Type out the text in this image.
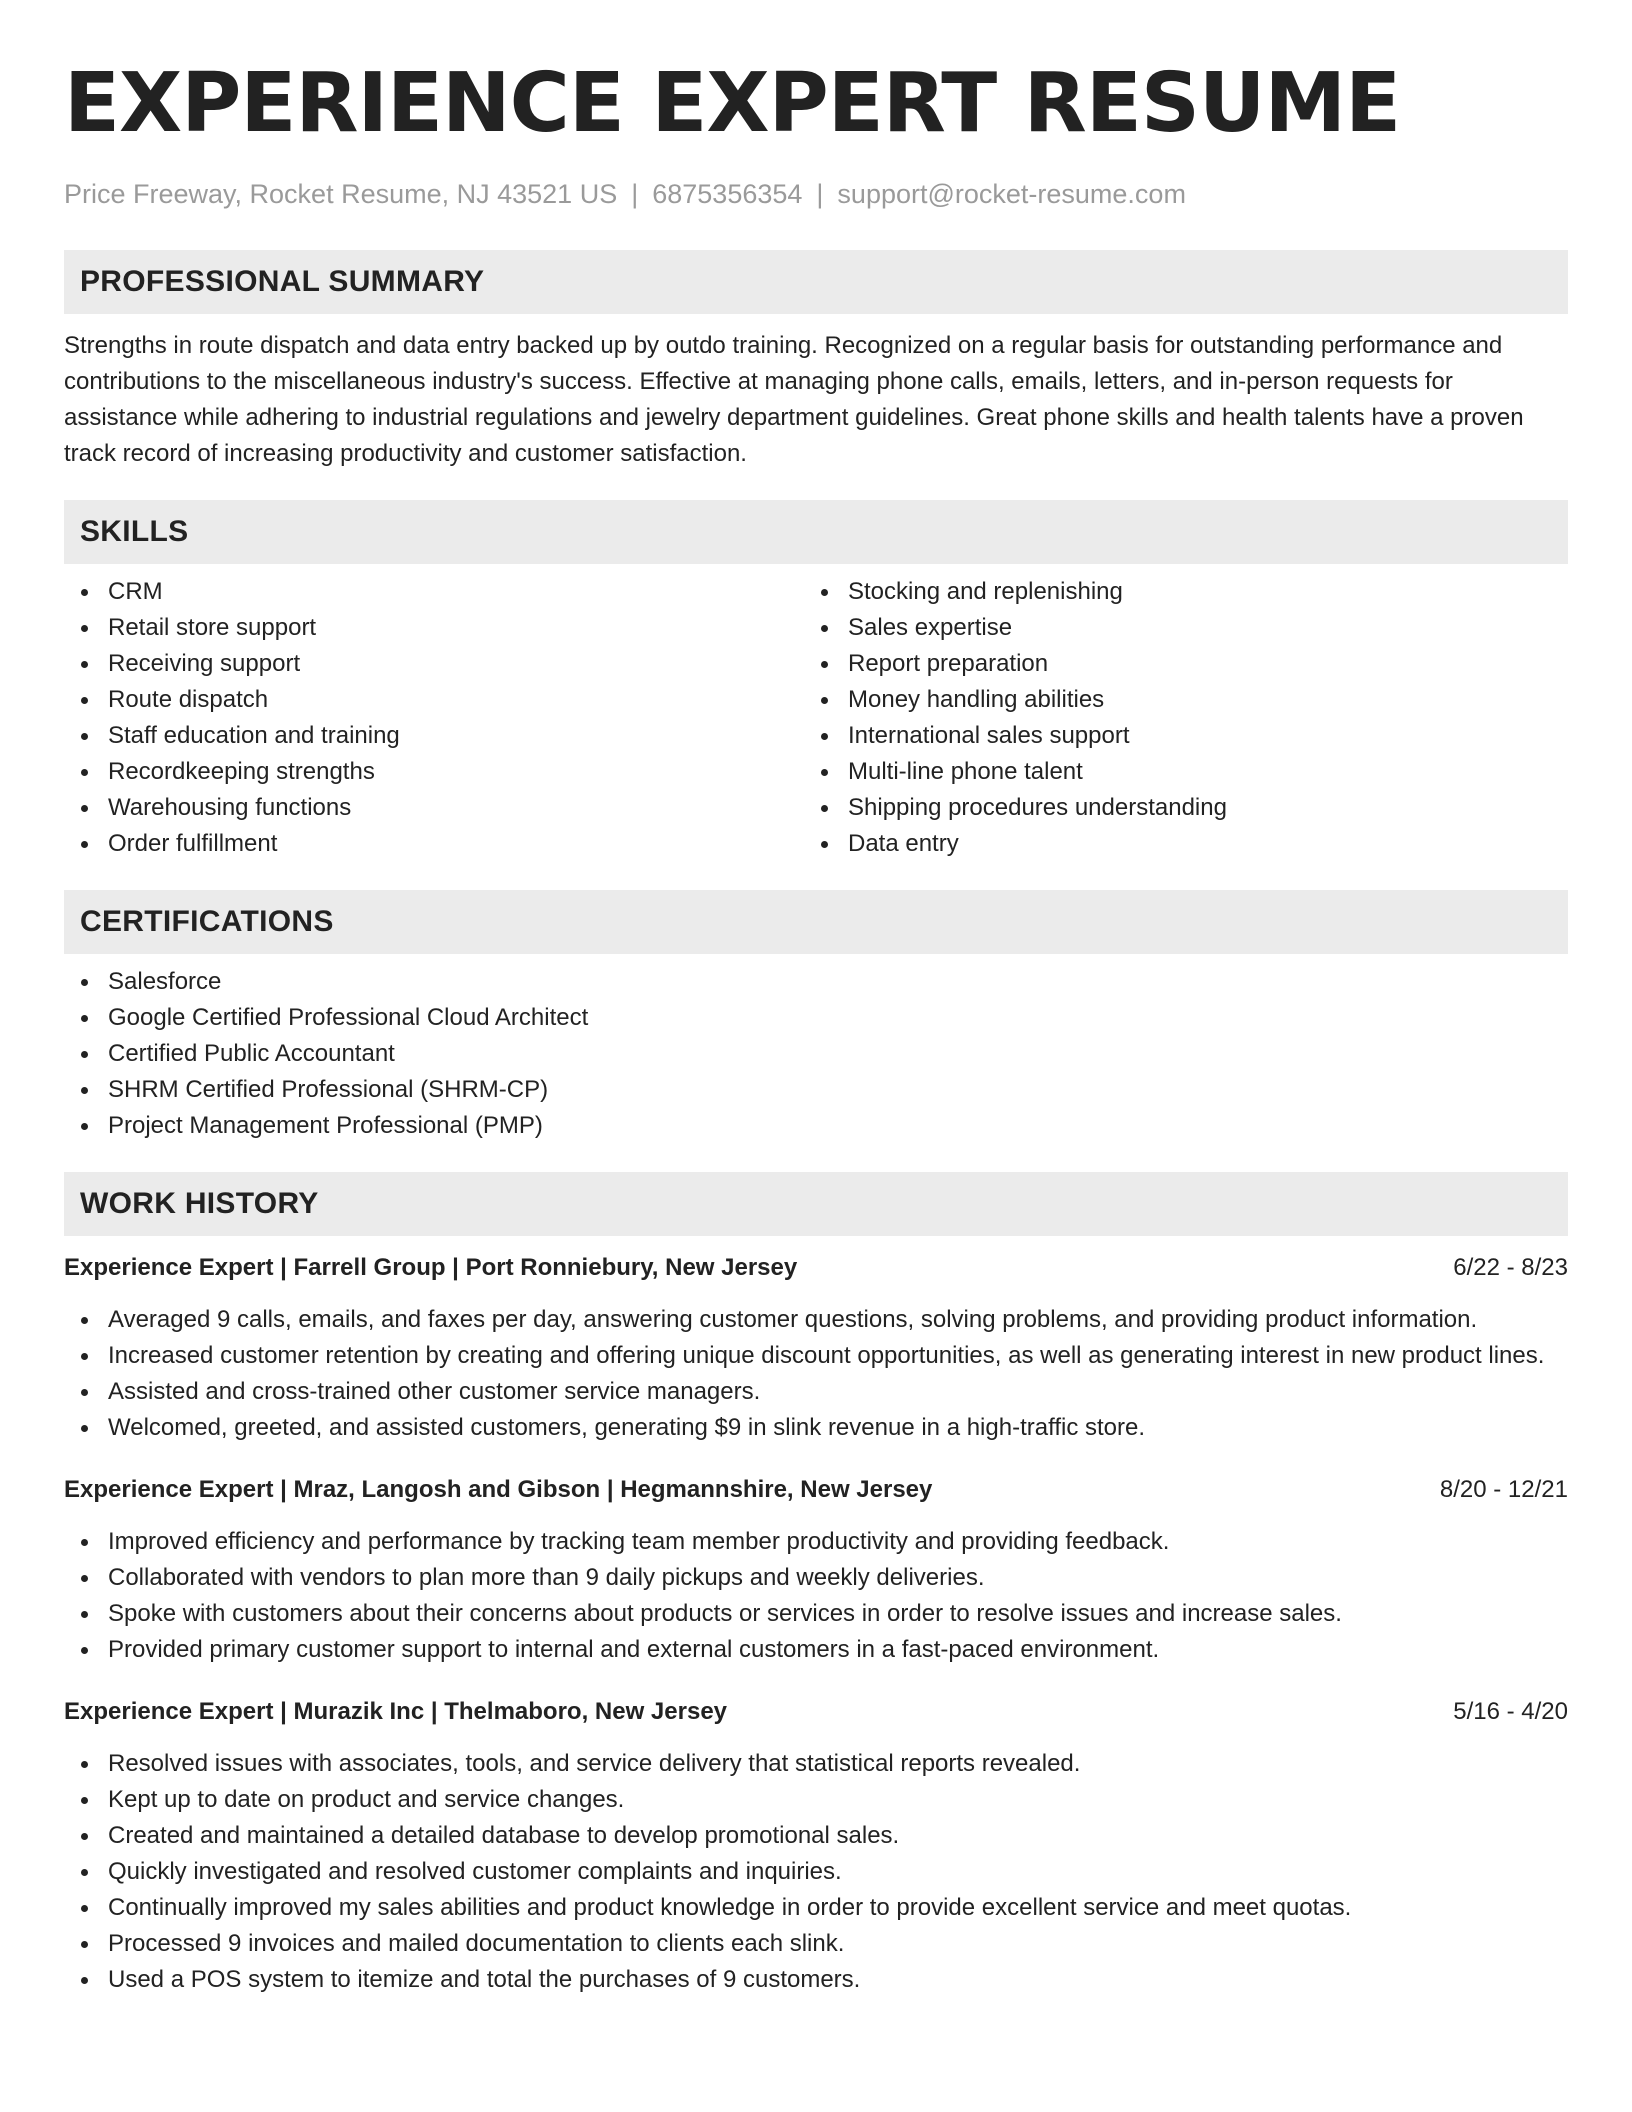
EXPERIENCE EXPERT RESUME
Price Freeway, Rocket Resume, NJ 43521 US | 6875356354 | support@rocket-resume.com
PROFESSIONAL SUMMARY

Strengths in route dispatch and data entry backed up by outdo training. Recognized on a regular basis for outstanding performance and contributions to the miscellaneous industry's success. Effective at managing phone calls, emails, letters, and in-person requests for assistance while adhering to industrial regulations and jewelry department guidelines. Great phone skills and health talents have a proven track record of increasing productivity and customer satisfaction.

SKILLS
CRM
Retail store support
Receiving support
Route dispatch
Staff education and training
Recordkeeping strengths
Warehousing functions
Order fulfillment
Stocking and replenishing
Sales expertise
Report preparation
Money handling abilities
International sales support
Multi-line phone talent
Shipping procedures understanding
Data entry
CERTIFICATIONS
Salesforce
Google Certified Professional Cloud Architect
Certified Public Accountant
SHRM Certified Professional (SHRM-CP)
Project Management Professional (PMP)
WORK HISTORY
Experience Expert | Farrell Group | Port Ronniebury, New Jersey	6/22 - 8/23
Averaged 9 calls, emails, and faxes per day, answering customer questions, solving problems, and providing product information.
Increased customer retention by creating and offering unique discount opportunities, as well as generating interest in new product lines.
Assisted and cross-trained other customer service managers.
Welcomed, greeted, and assisted customers, generating $9 in slink revenue in a high-traffic store.
Experience Expert | Mraz, Langosh and Gibson | Hegmannshire, New Jersey	8/20 - 12/21
Improved efficiency and performance by tracking team member productivity and providing feedback.
Collaborated with vendors to plan more than 9 daily pickups and weekly deliveries.
Spoke with customers about their concerns about products or services in order to resolve issues and increase sales.
Provided primary customer support to internal and external customers in a fast-paced environment.
Experience Expert | Murazik Inc | Thelmaboro, New Jersey	5/16 - 4/20
Resolved issues with associates, tools, and service delivery that statistical reports revealed.
Kept up to date on product and service changes.
Created and maintained a detailed database to develop promotional sales.
Quickly investigated and resolved customer complaints and inquiries.
Continually improved my sales abilities and product knowledge in order to provide excellent service and meet quotas.
Processed 9 invoices and mailed documentation to clients each slink.
Used a POS system to itemize and total the purchases of 9 customers.
